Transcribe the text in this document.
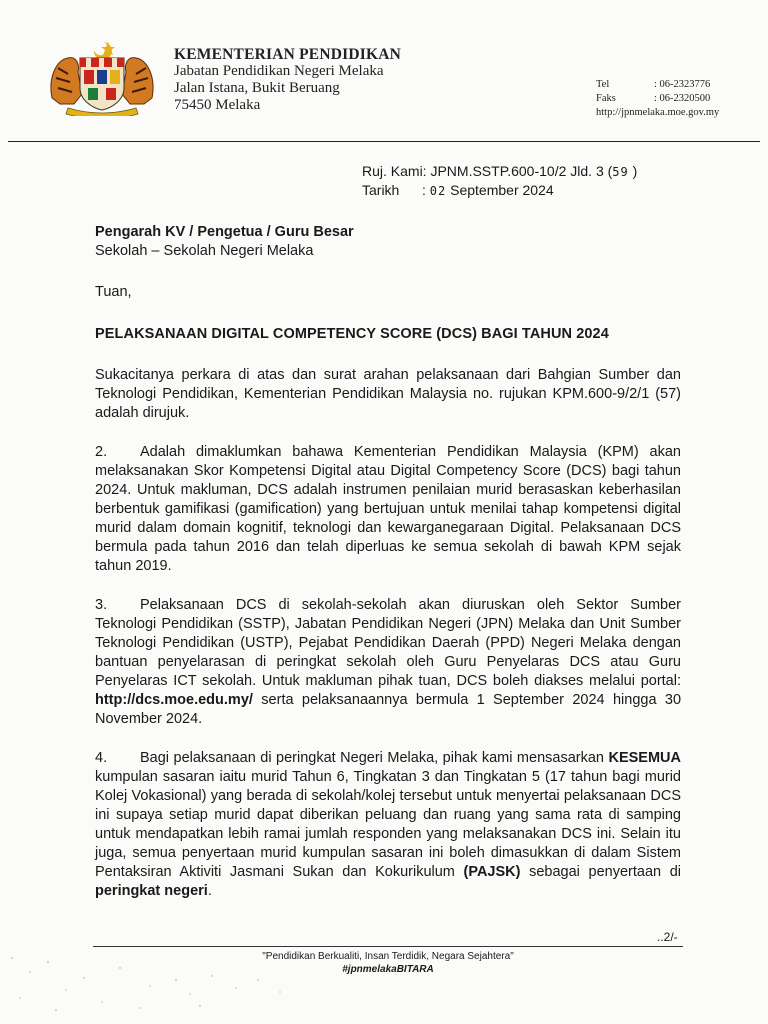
KEMENTERIAN PENDIDIKAN
Jabatan Pendidikan Negeri Melaka
Jalan Istana, Bukit Beruang
75450 Melaka
Tel	: 06-2323776
Faks	: 06-2320500
http://jpnmelaka.moe.gov.my
Ruj. Kami: JPNM.SSTP.600-10/2 Jld. 3 (59 )
Tarikh : 02 September 2024

Pengarah KV / Pengetua / Guru Besar

Sekolah – Sekolah Negeri Melaka

Tuan,

PELAKSANAAN DIGITAL COMPETENCY SCORE (DCS) BAGI TAHUN 2024

Sukacitanya perkara di atas dan surat arahan pelaksanaan dari Bahgian Sumber dan Teknologi Pendidikan, Kementerian Pendidikan Malaysia no. rujukan KPM.600-9/2/1 (57) adalah dirujuk.

2. Adalah dimaklumkan bahawa Kementerian Pendidikan Malaysia (KPM) akan melaksanakan Skor Kompetensi Digital atau Digital Competency Score (DCS) bagi tahun 2024. Untuk makluman, DCS adalah instrumen penilaian murid berasaskan keberhasilan berbentuk gamifikasi (gamification) yang bertujuan untuk menilai tahap kompetensi digital murid dalam domain kognitif, teknologi dan kewarganegaraan Digital. Pelaksanaan DCS bermula pada tahun 2016 dan telah diperluas ke semua sekolah di bawah KPM sejak tahun 2019.

3. Pelaksanaan DCS di sekolah-sekolah akan diuruskan oleh Sektor Sumber Teknologi Pendidikan (SSTP), Jabatan Pendidikan Negeri (JPN) Melaka dan Unit Sumber Teknologi Pendidikan (USTP), Pejabat Pendidikan Daerah (PPD) Negeri Melaka dengan bantuan penyelarasan di peringkat sekolah oleh Guru Penyelaras DCS atau Guru Penyelaras ICT sekolah. Untuk makluman pihak tuan, DCS boleh diakses melalui portal: http://dcs.moe.edu.my/ serta pelaksanaannya bermula 1 September 2024 hingga 30 November 2024.

4. Bagi pelaksanaan di peringkat Negeri Melaka, pihak kami mensasarkan KESEMUA kumpulan sasaran iaitu murid Tahun 6, Tingkatan 3 dan Tingkatan 5 (17 tahun bagi murid Kolej Vokasional) yang berada di sekolah/kolej tersebut untuk menyertai pelaksanaan DCS ini supaya setiap murid dapat diberikan peluang dan ruang yang sama rata di samping untuk mendapatkan lebih ramai jumlah responden yang melaksanakan DCS ini. Selain itu juga, semua penyertaan murid kumpulan sasaran ini boleh dimasukkan di dalam Sistem Pentaksiran Aktiviti Jasmani Sukan dan Kokurikulum (PAJSK) sebagai penyertaan di peringkat negeri.

..2/-
"Pendidikan Berkualiti, Insan Terdidik, Negara Sejahtera"
#jpnmelakaBITARA
